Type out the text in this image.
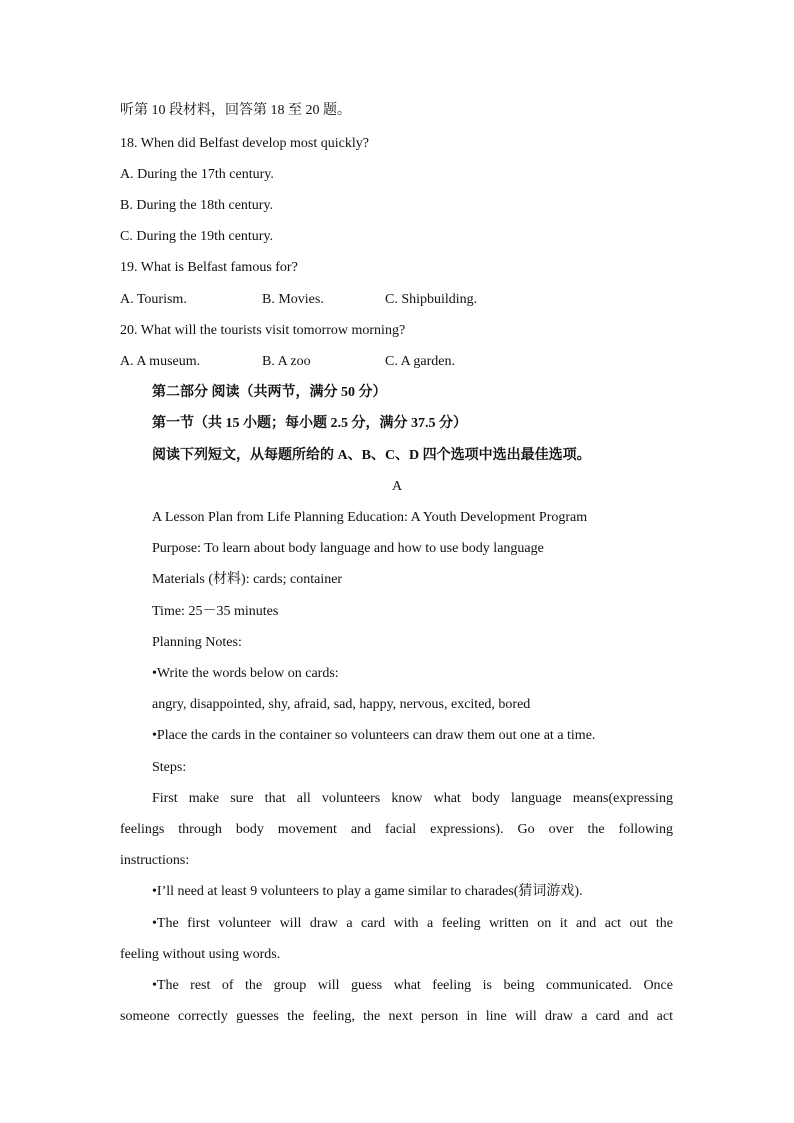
听第 10 段材料，回答第 18 至 20 题。
18. When did Belfast develop most quickly?
A. During the 17th century.
B. During the 18th century.
C. During the 19th century.
19. What is Belfast famous for?
A. Tourism.	B. Movies.	C. Shipbuilding.
20. What will the tourists visit tomorrow morning?
A. A museum.	B. A zoo	C. A garden.
第二部分 阅读（共两节，满分 50 分）
第一节（共 15 小题；每小题 2.5 分，满分 37.5 分）
阅读下列短文，从每题所给的 A、B、C、D 四个选项中选出最佳选项。
A
A Lesson Plan from Life Planning Education: A Youth Development Program
Purpose: To learn about body language and how to use body language
Materials (材料): cards; container
Time: 25－35 minutes
Planning Notes:
•Write the words below on cards:
angry, disappointed, shy, afraid, sad, happy, nervous, excited, bored
•Place the cards in the container so volunteers can draw them out one at a time.
Steps:
First make sure that all volunteers know what body language means(expressing
feelings through body movement and facial expressions). Go over the following
instructions:
•I’ll need at least 9 volunteers to play a game similar to charades(猜词游戏).
•The first volunteer will draw a card with a feeling written on it and act out the
feeling without using words.
•The rest of the group will guess what feeling is being communicated. Once
someone correctly guesses the feeling, the next person in line will draw a card and act
